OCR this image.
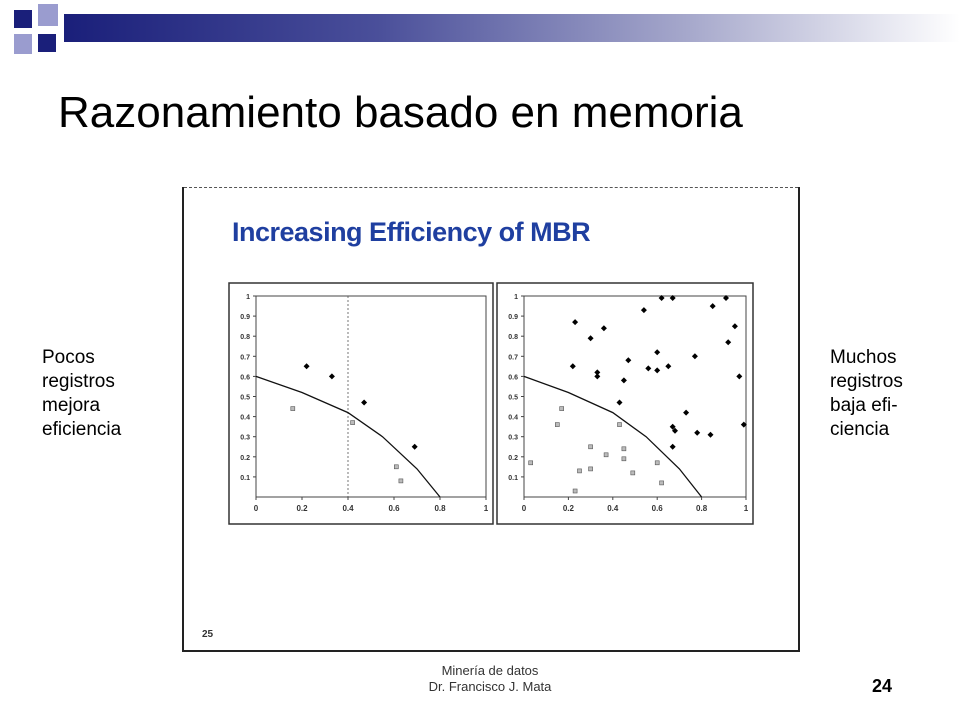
Razonamiento basado en memoria
Pocos
registros
mejora
eficiencia
Muchos
registros
baja efi-
ciencia
Increasing Efficiency of MBR
0.1
0.2
0.3
0.4
0.5
0.6
0.7
0.8
0.9
1
0	0.2	0.4	0.6	0.8	1
0.1
0.2
0.3
0.4
0.5
0.6
0.7
0.8
0.9
1
0	0.2	0.4	0.6	0.8	1
25
Minería de datos
Dr. Francisco J. Mata	24
